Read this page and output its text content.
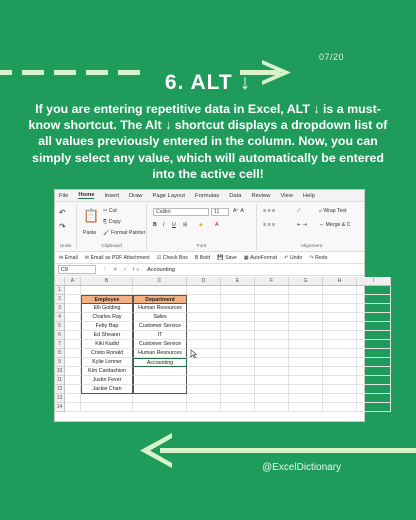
07/20
6. ALT ↓
If you are entering repetitive data in Excel, ALT ↓ is a must-know shortcut. The Alt ↓ shortcut displays a dropdown list of all values previously entered in the column. Now, you can simply select any value, which will automatically be entered into the active cell!
File Home Insert Draw Page Layout Formulas Data Review View Help
↶
↷
Undo
📋
Paste
✂ Cut
⎘ Copy
🖌 Format Painter
Clipboard
Calibri	11	A⁺ A⁻
B I U ⊞ ◈ A
Font
≡ ≡ ≡
≡ ≡ ≡
⟋
⇤ ⇥
⤶ Wrap Text
⇔ Merge & C
Alignment
✉ Email ✉ Email as PDF Attachment ☑ Check Box B Bold 💾 Save ▦ AutoFormat ↶ Undo ↷ Redo
C9	⋮ ✕ ✓ fx Accounting
A	B	C	D	E	F	G	H	I
1
2	Employee	Department
3	Elli Golding	Human Resources
4	Charles Ray	Sales
5	Fetty Bap	Customer Service
6	Ed Shearer	IT
7	Kiki Kadid	Customer Service
8	Cristo Ronald	Human Resources
9	Kylie Lenner	Accounting
10	Kim Cardashion
11	Justin Fever
12	Jackie Chan
13
14
@ExcelDictionary
